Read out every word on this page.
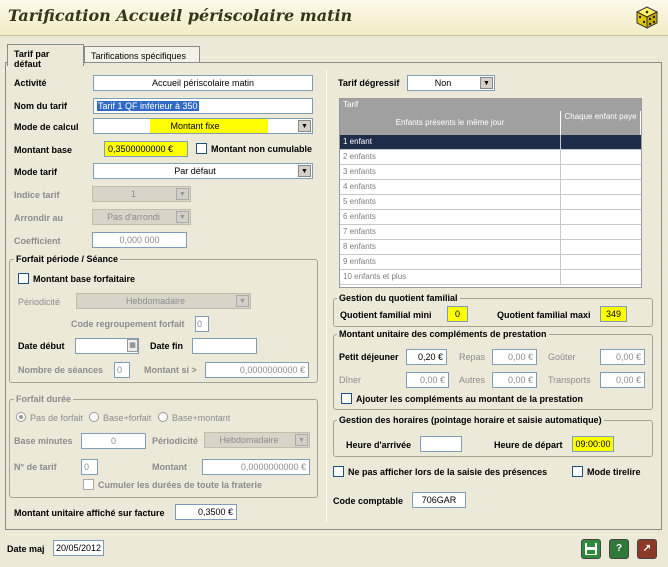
Tarification Accueil périscolaire matin
Tarif par défaut
Tarifications spécifiques
Activité	Accueil périscolaire matin
Nom du tarif	Tarif 1 QF inférieur à 350
Mode de calcul	Montant fixe	▼
Montant base	0,3500000000 €	Montant non cumulable
Mode tarif	Par défaut	▼
Indice tarif	1	▼
Arrondir au	Pas d'arrondi	▼
Coefficient	0,000 000
Forfait période / Séance
Montant base forfaitaire
Périodicité	Hebdomadaire	▼
Code regroupement forfait 0
Date début	▦ Date fin
Nombre de séances	0	Montant si >	0,0000000000 €
Forfait durée
Pas de forfait Base+forfait Base+montant
Base minutes	0	Périodicité	Hebdomadaire	▼
N° de tarif	0	Montant	0,0000000000 €
Cumuler les durées de toute la fraterie
Montant unitaire affiché sur facture	0,3500 €
Tarif dégressif	Non	▼
Tarif
Enfants présents le même jour
Chaque enfant paye
1 enfant
2 enfants
3 enfants
4 enfants
5 enfants
6 enfants
7 enfants
8 enfants
9 enfants
10 enfants et plus
Gestion du quotient familial
Quotient familial mini	0	Quotient familial maxi	349
Montant unitaire des compléments de prestation
Petit déjeuner	0,20 €	Repas	0,00 €	Goûter	0,00 €
Dîner	0,00 €	Autres	0,00 €	Transports	0,00 €
Ajouter les compléments au montant de la prestation
Gestion des horaires (pointage horaire et saisie automatique)
Heure d'arrivée	Heure de départ	09:00:00
Ne pas afficher lors de la saisie des présences	Mode tirelire
Code comptable	706GAR
Date maj	20/05/2012	?	↗
